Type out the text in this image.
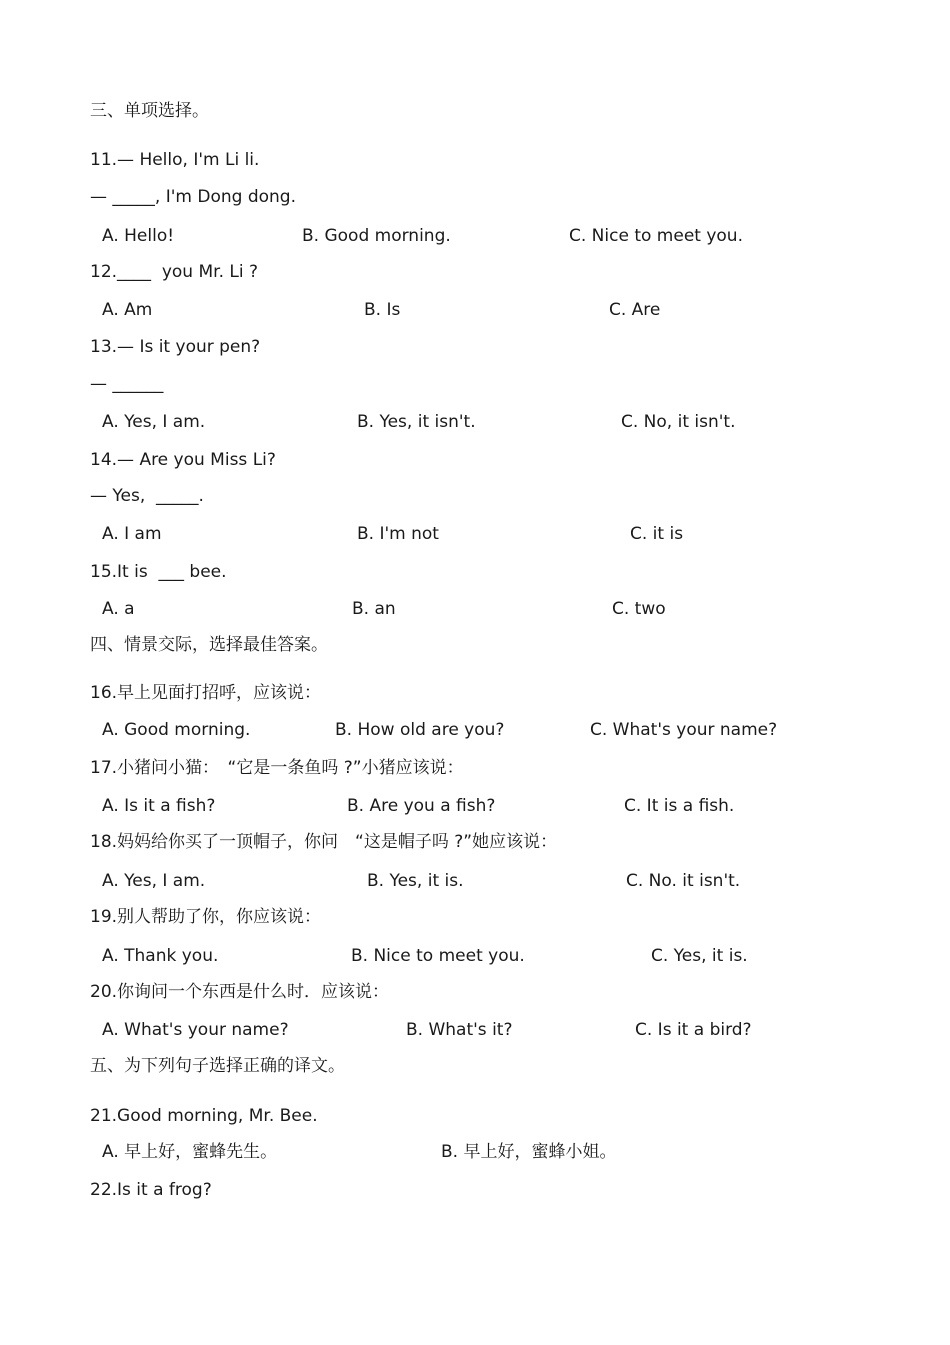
三、单项选择。
11.— Hello, I'm Li li.
— _____, I'm Dong dong.
A. Hello!	B. Good morning.	C. Nice to meet you.
12.____  you Mr. Li ?
A. Am	B. Is	C. Are
13.— Is it your pen?
— ______
A. Yes, I am.	B. Yes, it isn't.	C. No, it isn't.
14.— Are you Miss Li?
— Yes,  _____.
A. I am	B. I'm not	C. it is
15.It is  ___ bee.
A. a	B. an	C. two
四、情景交际，选择最佳答案。
16.早上见面打招呼，应该说：
A. Good morning.	B. How old are you?	C. What's your name?
17.小猪问小猫：　“它是一条鱼吗 ?”小猪应该说：
A. Is it a fish?	B. Are you a fish?	C. It is a fish.
18.妈妈给你买了一顶帽子，你问　“这是帽子吗 ?”她应该说：
A. Yes, I am.	B. Yes, it is.	C. No. it isn't.
19.别人帮助了你，你应该说：
A. Thank you.	B. Nice to meet you.	C. Yes, it is.
20.你询问一个东西是什么时．应该说：
A. What's your name?	B. What's it?	C. Is it a bird?
五、为下列句子选择正确的译文。
21.Good morning, Mr. Bee.
A. 早上好，蜜蜂先生。	B. 早上好，蜜蜂小姐。
22.Is it a frog?
